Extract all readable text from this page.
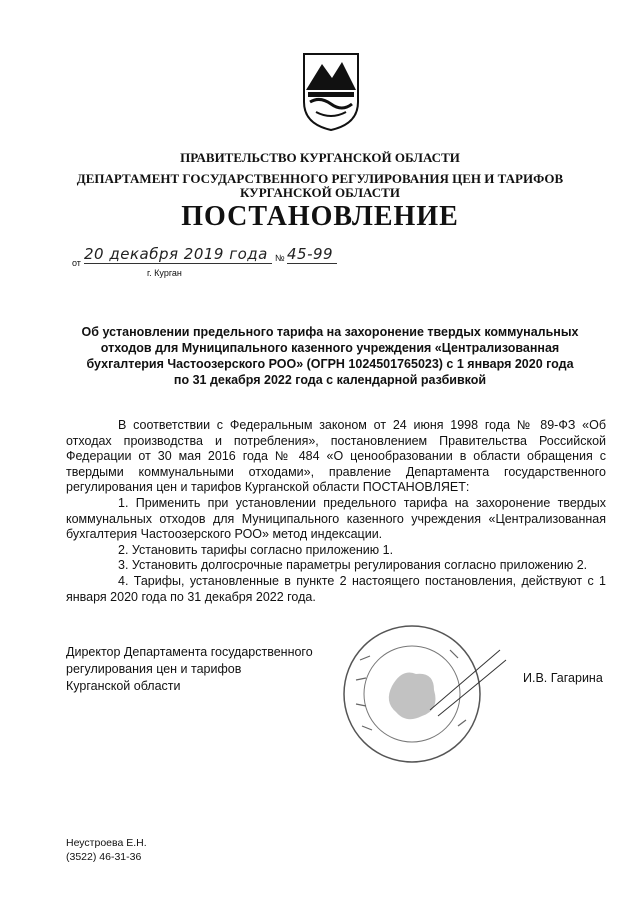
ПРАВИТЕЛЬСТВО КУРГАНСКОЙ ОБЛАСТИ
ДЕПАРТАМЕНТ ГОСУДАРСТВЕННОГО РЕГУЛИРОВАНИЯ ЦЕН И ТАРИФОВ
КУРГАНСКОЙ ОБЛАСТИ
ПОСТАНОВЛЕНИЕ
от 20 декабря 2019 года № 45-99
г. Курган
Об установлении предельного тарифа на захоронение твердых коммунальных
отходов для Муниципального казенного учреждения «Централизованная
бухгалтерия Частоозерского РОО» (ОГРН 1024501765023) с 1 января 2020 года
по 31 декабря 2022 года с календарной разбивкой

В соответствии с Федеральным законом от 24 июня 1998 года № 89-ФЗ «Об отходах производства и потребления», постановлением Правительства Российской Федерации от 30 мая 2016 года № 484 «О ценообразовании в области обращения с твердыми коммунальными отходами», правление Департамента государственного регулирования цен и тарифов Курганской области ПОСТАНОВЛЯЕТ:

1. Применить при установлении предельного тарифа на захоронение твердых коммунальных отходов для Муниципального казенного учреждения «Централизованная бухгалтерия Частоозерского РОО» метод индексации.

2. Установить тарифы согласно приложению 1.

3. Установить долгосрочные параметры регулирования согласно приложению 2.

4. Тарифы, установленные в пункте 2 настоящего постановления, действуют с 1 января 2020 года по 31 декабря 2022 года.

Директор Департамента государственного
регулирования цен и тарифов
Курганской области
И.В. Гагарина
Неустроева Е.Н.
(3522) 46-31-36
